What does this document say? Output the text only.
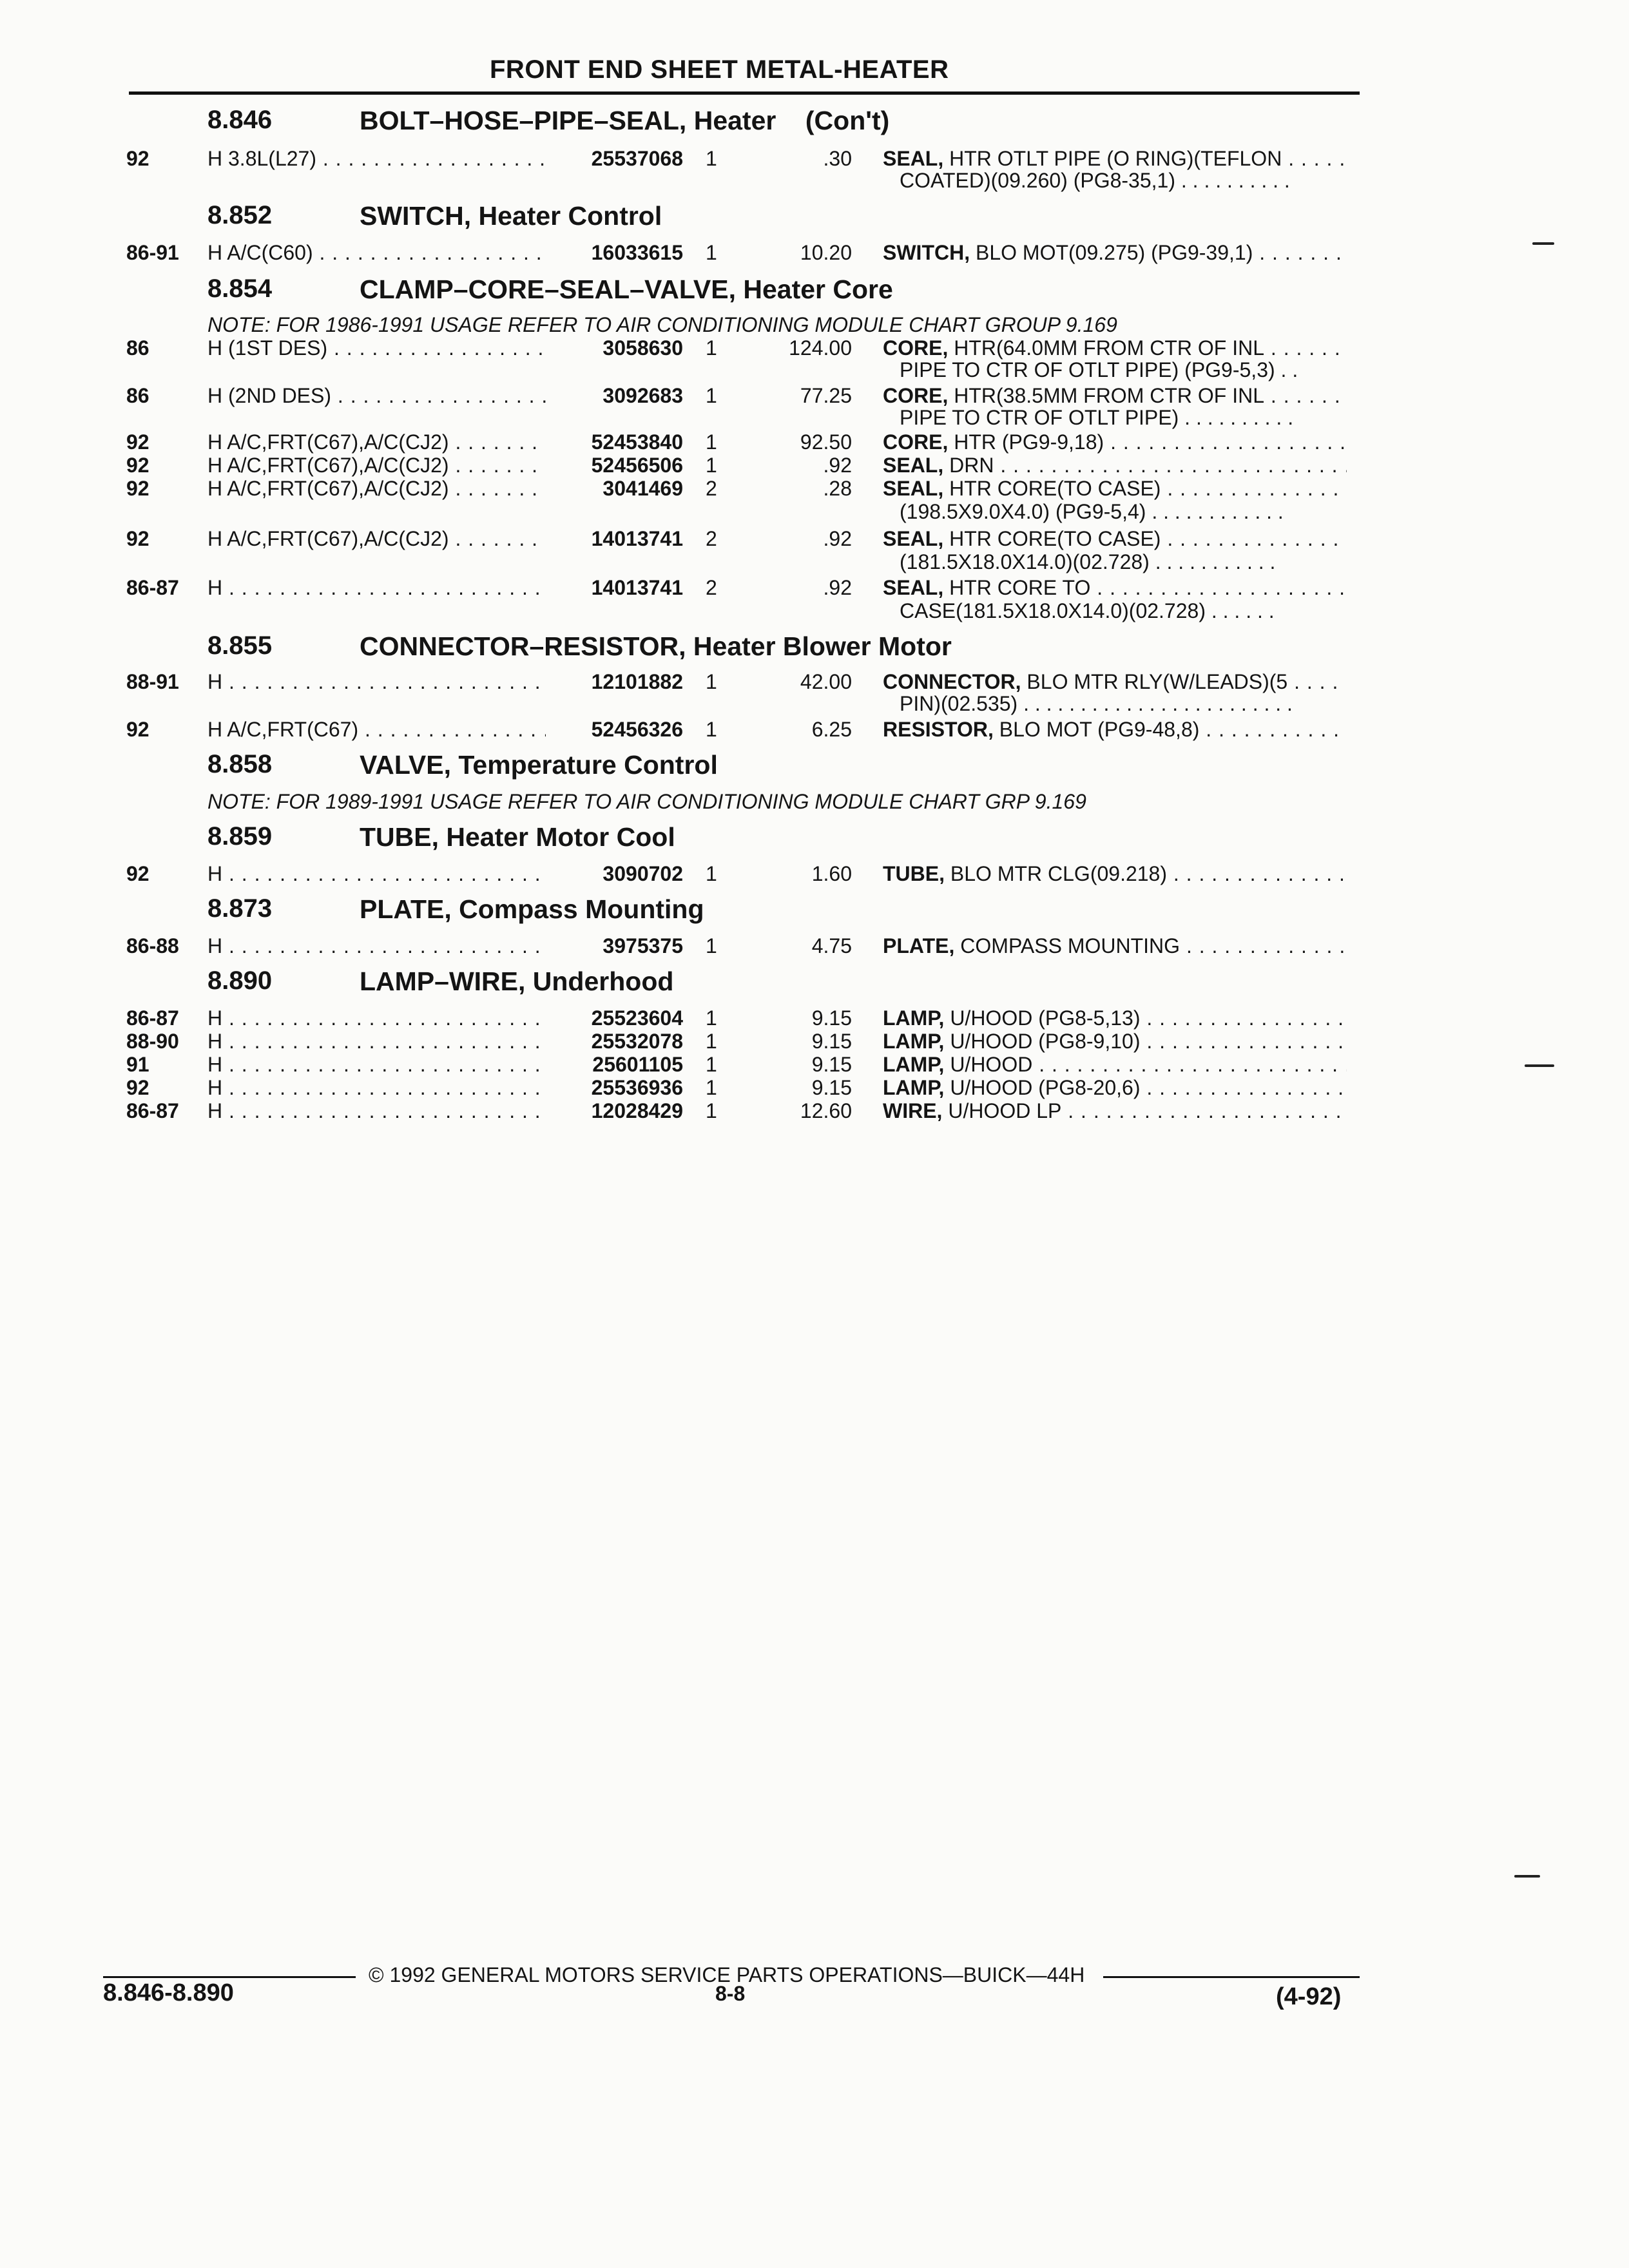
FRONT END SHEET METAL-HEATER
8.846	BOLT–HOSE–PIPE–SEAL, Heater    (Con't)
92	H 3.8L(L27) . . .	25537068 1	.30 SEAL, HTR OTLT PIPE (O RING)(TEFLON . . .
COATED)(09.260) (PG8-35,1) . . . . . . . . . .
8.852	SWITCH, Heater Control
86-91 H A/C(C60) . . .	16033615 1	10.20 SWITCH, BLO MOT(09.275) (PG9-39,1) . . .
8.854	CLAMP–CORE–SEAL–VALVE, Heater Core
NOTE: FOR 1986-1991 USAGE REFER TO AIR CONDITIONING MODULE CHART GROUP 9.169
86	H (1ST DES) . . .	3058630 1	124.00 CORE, HTR(64.0MM FROM CTR OF INL . . .
PIPE TO CTR OF OTLT PIPE) (PG9-5,3) . .
86	H (2ND DES) . . .	3092683 1	77.25 CORE, HTR(38.5MM FROM CTR OF INL . . .
PIPE TO CTR OF OTLT PIPE) . . . . . . . . . .
92	H A/C,FRT(C67),A/C(CJ2) . . .	52453840 1	92.50 CORE, HTR (PG9-9,18) . . .
92	H A/C,FRT(C67),A/C(CJ2) . . .	52456506 1	.92 SEAL, DRN . . .
92	H A/C,FRT(C67),A/C(CJ2) . . .	3041469 2	.28 SEAL, HTR CORE(TO CASE) . . .
(198.5X9.0X4.0) (PG9-5,4) . . . . . . . . . . . .
92	H A/C,FRT(C67),A/C(CJ2) . . .	14013741 2	.92 SEAL, HTR CORE(TO CASE) . . .
(181.5X18.0X14.0)(02.728) . . . . . . . . . . .
86-87 H . . .	14013741 2	.92 SEAL, HTR CORE TO . . .
CASE(181.5X18.0X14.0)(02.728) . . . . . .
8.855	CONNECTOR–RESISTOR, Heater Blower Motor
88-91 H . . .	12101882 1	42.00 CONNECTOR, BLO MTR RLY(W/LEADS)(5 . . .
PIN)(02.535) . . . . . . . . . . . . . . . . . . . . . . . .
92	H A/C,FRT(C67) . . .	52456326 1	6.25 RESISTOR, BLO MOT (PG9-48,8) . . .
8.858	VALVE, Temperature Control
NOTE: FOR 1989-1991 USAGE REFER TO AIR CONDITIONING MODULE CHART GRP 9.169
8.859	TUBE, Heater Motor Cool
92	H . . .	3090702 1	1.60 TUBE, BLO MTR CLG(09.218) . . .
8.873	PLATE, Compass Mounting
86-88 H . . .	3975375 1	4.75 PLATE, COMPASS MOUNTING . . .
8.890	LAMP–WIRE, Underhood
86-87 H . . .	25523604 1	9.15 LAMP, U/HOOD (PG8-5,13) . . .
88-90 H . . .	25532078 1	9.15 LAMP, U/HOOD (PG8-9,10) . . .
91	H . . .	25601105 1	9.15 LAMP, U/HOOD . . .
92	H . . .	25536936 1	9.15 LAMP, U/HOOD (PG8-20,6) . . .
86-87 H . . .	12028429 1	12.60 WIRE, U/HOOD LP . . .
© 1992 GENERAL MOTORS SERVICE PARTS OPERATIONS—BUICK—44H
8.846-8.890	8-8	(4-92)
